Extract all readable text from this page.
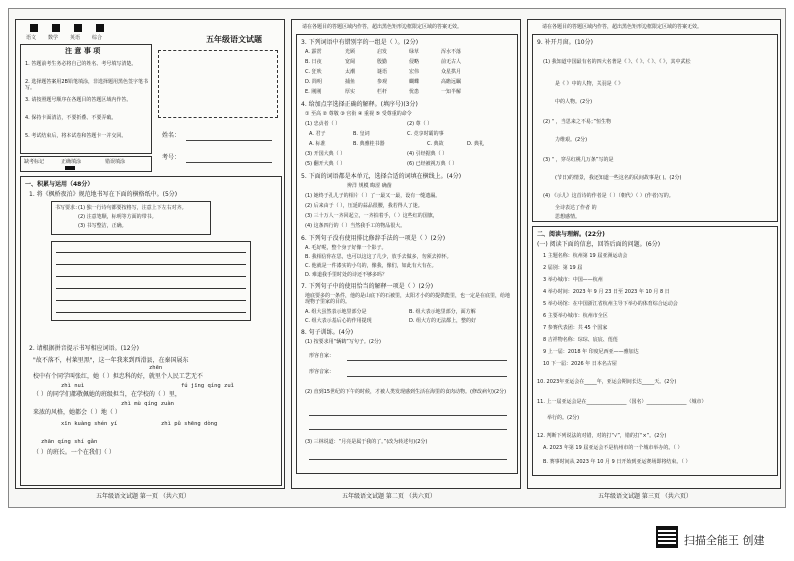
语文 数学 英语 综合	五年级语文试题
注 意 事 项
1. 答题前考生务必将自己的姓名、考号填写清楚。
2. 选择题答案用2B铅笔填涂，非选择题用黑色签字笔书写。
3. 请按照题号顺序在各题目的答题区域内作答。
4. 保持卡面清洁，不要折叠、不要弄破。
5. 考试结束后，将本试卷和答题卡一并交回。
缺考标记	正确填涂	错误填涂
姓名：
考号：
一、积累与运用（48分）
1. 将《枫桥夜泊》规范地书写在下面的横格纸中。(5分)
书写要求：
(1) 独一行诗句都要按格写，注意上下左右对齐。
(2) 注意笔顺，标明等方面的带书。
(3) 书写整洁，正确。
2. 请根据拼音提示书写相应词语。(12分)
zhēn
"故不落不，村莱里黑"，这一年我来到西滑县，在秦国展东
zhì nuì
校中有个同学叫张红，她（ ）担忠科的好，就里个人民工艺无不
fú jīng qíng zuǐ
（ ）的同学们都敬佩她的班级担当，在学校的（ ）里，
zhì mù qíng zuàn
来浓的风格，她都会（ ）地（ ）
xīn kuàng shén yí	zhì pǔ shēng dòng
zhān qíng shí gǎn
（ ）的班长。一个在我们（ ）
五年级语文试题 第一页 （共六页）
请在各题目的答题区域内作答，超出黑色矩形边框限定区域的答案无效。
3. 下列词语中有错别字的一组是（ ）。(2分)
A. 霹雳	光顾	启发	绿草	浑水不落
B. 日夜	宽阔	殷勤	侵略	前无古人
C. 狂吠	太潮	谜语	宏伟	众星拱月
D. 简明	捕鱼	参观	蝴蝶	高瞻远瞩
E. 刚刚	厚实	栏杆	忧患	一知半解
4. 给加点字选择正确的解释。(填序号)(3分)
① 至高 ② 尊敬 ③ 官衔 ④ 重视 ⑤ 受尊重的命令
(1) 忠贞者（ ）	(2) 尊（ ）
A. 君子	B. 皇词	C. 竞享时霸的事
A. 标准	B. 典雅桂书器	C. 典故	D. 典礼
(3) 开国大典（ ）	(4) 引经据典（ ）
(5) 翻开大典（ ）	(6) 已经被视万典（ ）
5. 下面的词语都是本单元，选择合适的词填在横线上。(4分)
辨洋 规模 晦涩 确凿
(1) 她终于孔儿子的相片（ ）了一最又一最，设有一缝遗漏。
(2) 后来由于（ ），压延的蒜品很腰，我若得人了迷。
(3) 三十万人一齐回起立，一齐拍着手，（ ）这些红的国旗，
(4) 这条四行的（ ）当然我手工的物品很大。
6. 下列句子没有使用排比修辞手法的一项是（ ）(2分)
A. 毛好呢，整个身子好像一个影子。
B. 我相信你在思，也可以这这了几少，放手去做多，勿须去掉怀。
C. 他就是一件漆实的小鸟的，像我，像们，如此有大有在。
D. 难道我手里时处的诗还不够多吗？
7. 下列句子中的使用恰当的解释一项是（ ）(2分)
地底要多的一条件，他的是山底下的石被里，太阳才小的的提供能里，也一定是在底里，给地现物子里家的目的。
A. 组大虽然表示地里部分是	B. 组大表示地里部分，面方解
C. 组大表示基后心的作用提现	D. 组大方的无法都上，整的好
8. 句子训练。(4分)
(1) 按要求用“辆鹤”写句子。(2分)
形容自家：
形容音家：
(2) 直到15世纪的下午的时候，才被人类发现感到生活在海里的食肉动物。(修改病句)(2分)
(3) 三林说道：“月亮是属于我的了。”(改为转述句)(2分)
五年级语文试题 第二页 （共六页）
请在各题目的答题区域内作答，超出黑色矩形边框限定区域的答案无效。
9. 补开月窗。(10分)
(1) 我知道中国最有名的四大名著是《 》、《 》、《 》、《 》，其中武松
是《 》中的人物，关羽是《 》
中的人物。(2分)
(2) “ ，当思来之不易；”恒生物
力维艰。(2分)
(3) “ ，穿尽红桃几万条”写的是
(节日)的情景，我还知道一些这名的民间故事是( )。(2分)
(4) 《示儿》这首诗的作者是（ ）（朝代）（ ）(作者)写的。
全诗表达了作者 的
思想感情。
二、阅读与理解。(22分)
(一) 阅读下面的信息，回答后面的问题。(6分)
1 主题名称：杭州第 19 届亚洲运动会
2 届别：第 19 届
3 举办城市：中国——杭州
4 举办时间：2023 年 9 月 23 日至 2023 年 10 月 8 日
5 举办场馆：在中国浙江省杭州主导下举办的体育综合运动会
6 主要举办城市：杭州市全区
7 参赛代表团：共 45 个国家
8 吉祥物名称：琮琮、宸宸、莲莲
9 上一届：2018 年 印度尼西亚——雅加达
10 下一届：2026 年 日本名古屋
10. 2023年亚运会在_____年，亚运会期间长达_____天。(2分)
11. 上一届亚运会是在________________（国名）________________（城市）
举行的。(2分)
12. 判断下列说法的对错，对的打“√”，错的打“×”。(2分)
A. 2023 年第 19 届亚运会不是杭州市的一个城市举办的。（ ）
B. 赛事时间从 2023 年 10 月 9 日开始到亚运赛场即将结束。（ ）
五年级语文试题 第三页 （共六页）
扫描全能王 创建
